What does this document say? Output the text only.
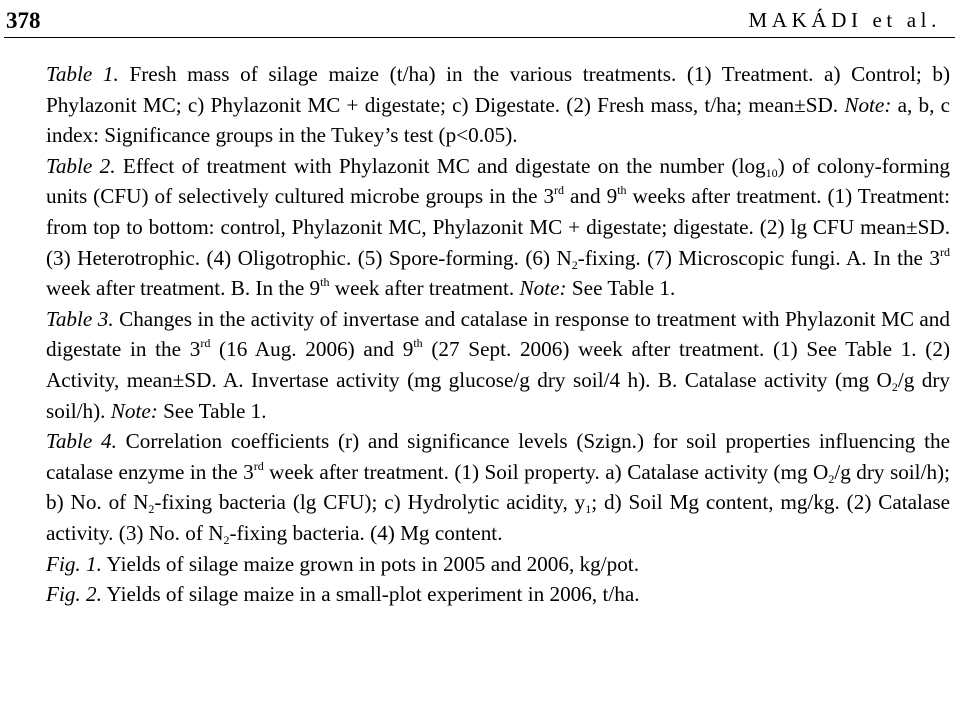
378	MAKÁDI et al.
Table 1. Fresh mass of silage maize (t/ha) in the various treatments. (1) Treatment. a) Control; b) Phylazonit MC; c) Phylazonit MC + digestate; c) Digestate. (2) Fresh mass, t/ha; mean±SD. Note: a, b, c index: Significance groups in the Tukey’s test (p<0.05).
Table 2. Effect of treatment with Phylazonit MC and digestate on the number $(\log_{10})$ of colony-forming units (CFU) of selectively cultured microbe groups in the 3rd and 9th weeks after treatment. (1) Treatment: from top to bottom: control, Phylazonit MC, Phylazonit MC + digestate; digestate. (2) lg CFU mean±SD. (3) Heterotrophic. (4) Oligotrophic. (5) Spore-forming. (6) $N_2$-fixing. (7) Microscopic fungi. A. In the 3rd week after treatment. B. In the 9th week after treatment. Note: See Table 1.
Table 3. Changes in the activity of invertase and catalase in response to treatment with Phylazonit MC and digestate in the 3rd (16 Aug. 2006) and 9th (27 Sept. 2006) week after treatment. (1) See Table 1. (2) Activity, mean±SD. A. Invertase activity (mg glucose/g dry soil/4 h). B. Catalase activity (mg $O_2/g$ dry soil/h). Note: See Table 1.
Table 4. Correlation coefficients (r) and significance levels (Szign.) for soil properties influencing the catalase enzyme in the 3rd week after treatment. (1) Soil property. a) Catalase activity (mg $O_2/g$ dry soil/h); b) No. of $N_2$-fixing bacteria (lg CFU); c) Hydrolytic acidity, $y_1$; d) Soil Mg content, mg/kg. (2) Catalase activity. (3) No. of $N_2$-fixing bacteria. (4) Mg content.
Fig. 1. Yields of silage maize grown in pots in 2005 and 2006, kg/pot.
Fig. 2. Yields of silage maize in a small-plot experiment in 2006, t/ha.
